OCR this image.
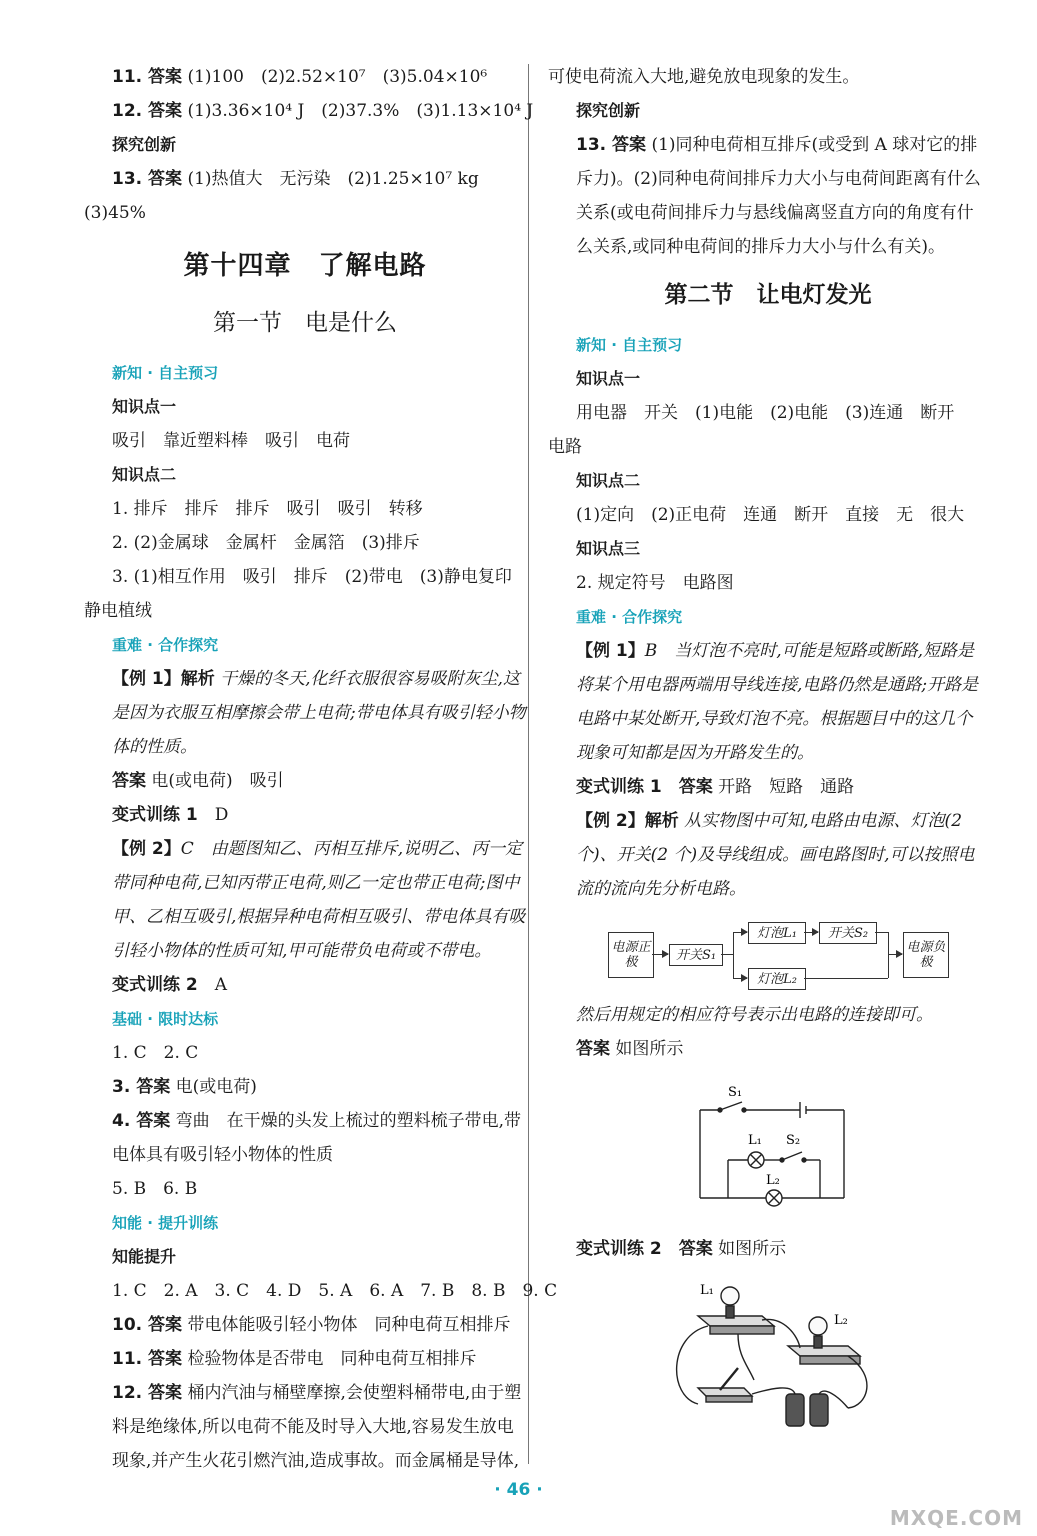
11. 答案 (1)100　(2)2.52×10⁷　(3)5.04×10⁶
12. 答案 (1)3.36×10⁴ J　(2)37.3%　(3)1.13×10⁴ J
探究创新
13. 答案 (1)热值大　无污染　(2)1.25×10⁷ kg
(3)45%
第十四章　了解电路
第一节　电是什么
新知 · 自主预习
知识点一
吸引　靠近塑料棒　吸引　电荷
知识点二
1. 排斥　排斥　排斥　吸引　吸引　转移
2. (2)金属球　金属杆　金属箔　(3)排斥
3. (1)相互作用　吸引　排斥　(2)带电　(3)静电复印
静电植绒
重难 · 合作探究
【例 1】解析 干燥的冬天,化纤衣服很容易吸附灰尘,这是因为衣服互相摩擦会带上电荷;带电体具有吸引轻小物体的性质。
答案 电(或电荷)　吸引
变式训练 1　 D
【例 2】C　由题图知乙、丙相互排斥,说明乙、丙一定带同种电荷,已知丙带正电荷,则乙一定也带正电荷;图中甲、乙相互吸引,根据异种电荷相互吸引、带电体具有吸引轻小物体的性质可知,甲可能带负电荷或不带电。
变式训练 2　 A
基础 · 限时达标
1. C　2. C
3. 答案 电(或电荷)
4. 答案 弯曲　在干燥的头发上梳过的塑料梳子带电,带电体具有吸引轻小物体的性质
5. B　6. B
知能 · 提升训练
知能提升
1. C　2. A　3. C　4. D　5. A　6. A　7. B　8. B　9. C
10. 答案 带电体能吸引轻小物体　同种电荷互相排斥
11. 答案 检验物体是否带电　同种电荷互相排斥
12. 答案 桶内汽油与桶壁摩擦,会使塑料桶带电,由于塑料是绝缘体,所以电荷不能及时导入大地,容易发生放电现象,并产生火花引燃汽油,造成事故。而金属桶是导体,
可使电荷流入大地,避免放电现象的发生。
探究创新
13. 答案 (1)同种电荷相互排斥(或受到 A 球对它的排斥力)。(2)同种电荷间排斥力大小与电荷间距离有什么关系(或电荷间排斥力与悬线偏离竖直方向的角度有什么关系,或同种电荷间的排斥力大小与什么有关)。
第二节　让电灯发光
新知 · 自主预习
知识点一
用电器　开关　(1)电能　(2)电能　(3)连通　断开
电路
知识点二
(1)定向　(2)正电荷　连通　断开　直接　无　很大
知识点三
2. 规定符号　电路图
重难 · 合作探究
【例 1】B　当灯泡不亮时,可能是短路或断路,短路是将某个用电器两端用导线连接,电路仍然是通路;开路是电路中某处断开,导致灯泡不亮。根据题目中的这几个现象可知都是因为开路发生的。
变式训练 1　 答案 开路　短路　通路
【例 2】解析 从实物图中可知,电路由电源、灯泡(2 个)、开关(2 个)及导线组成。画电路图时,可以按照电流的流向先分析电路。
电源正极	开关S₁
灯泡L₁	开关S₂
灯泡L₂
电源负极
然后用规定的相应符号表示出电路的连接即可。
答案 如图所示
S₁
L₁ S₂
L₂
变式训练 2　 答案 如图所示
L₁
L₂
· 46 ·
MXQE.COM
